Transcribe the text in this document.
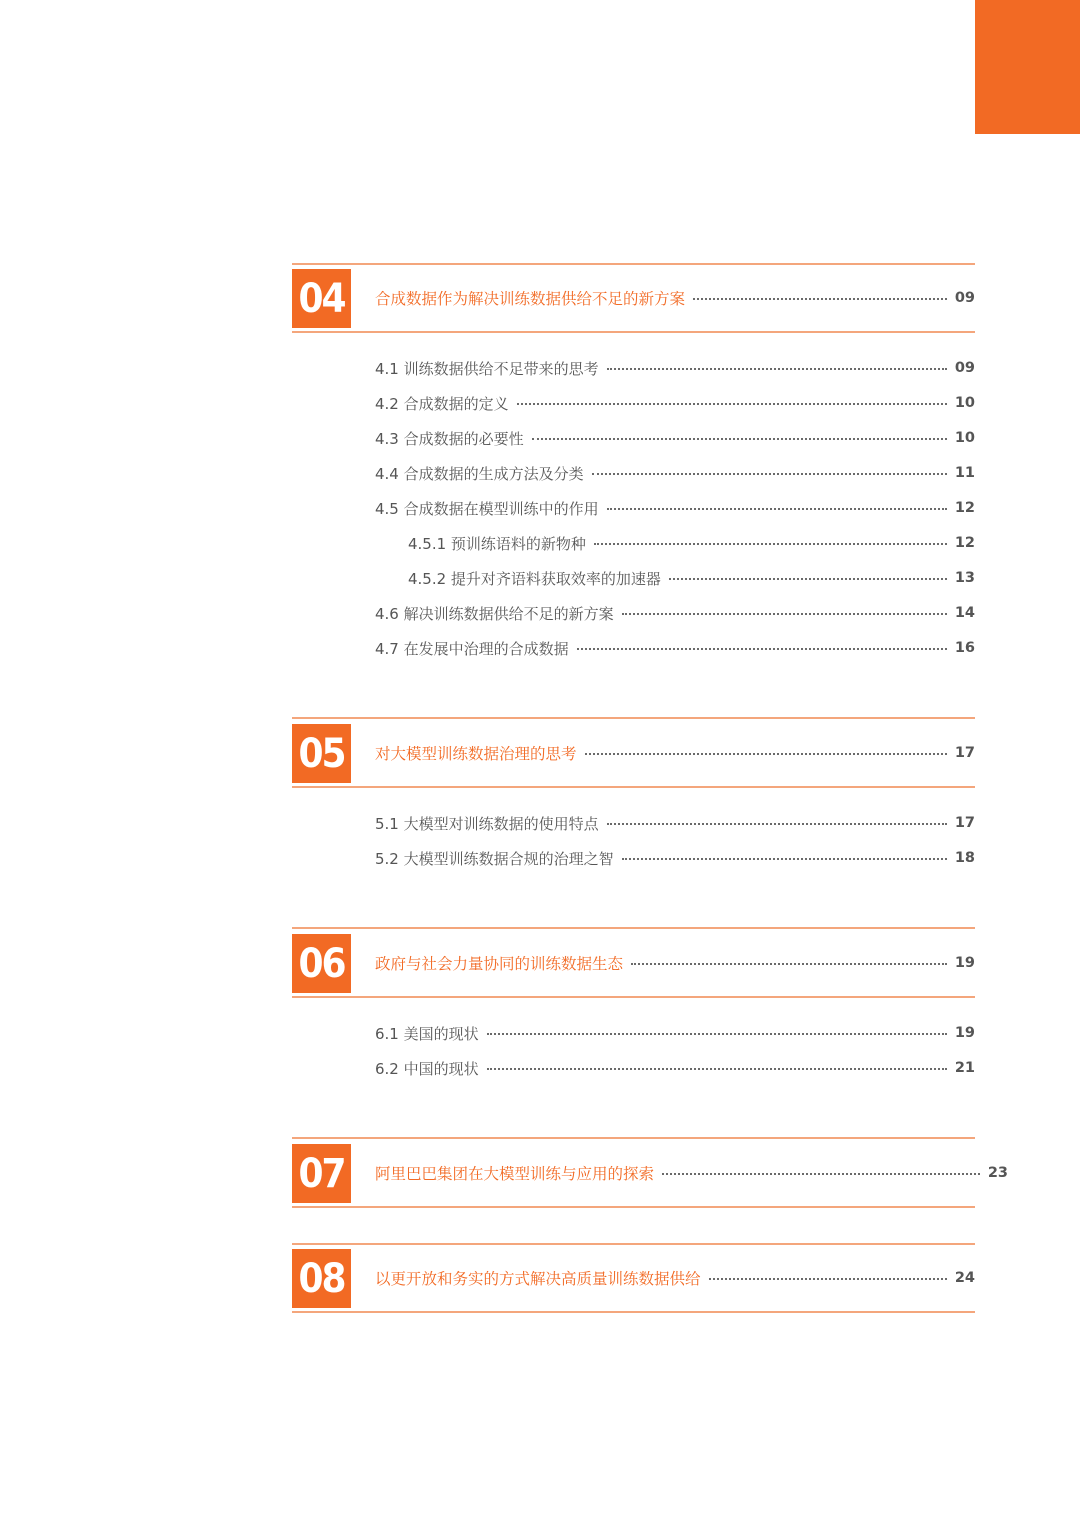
04	合成数据作为解决训练数据供给不足的新方案	09
4.1 训练数据供给不足带来的思考	09
4.2 合成数据的定义	10
4.3 合成数据的必要性	10
4.4 合成数据的生成方法及分类	11
4.5 合成数据在模型训练中的作用	12
4.5.1 预训练语料的新物种	12
4.5.2 提升对齐语料获取效率的加速器	13
4.6 解决训练数据供给不足的新方案	14
4.7 在发展中治理的合成数据	16
05	对大模型训练数据治理的思考	17
5.1 大模型对训练数据的使用特点	17
5.2 大模型训练数据合规的治理之智	18
06	政府与社会力量协同的训练数据生态	19
6.1 美国的现状	19
6.2 中国的现状	21
07	阿里巴巴集团在大模型训练与应用的探索	23
08	以更开放和务实的方式解决高质量训练数据供给	24
